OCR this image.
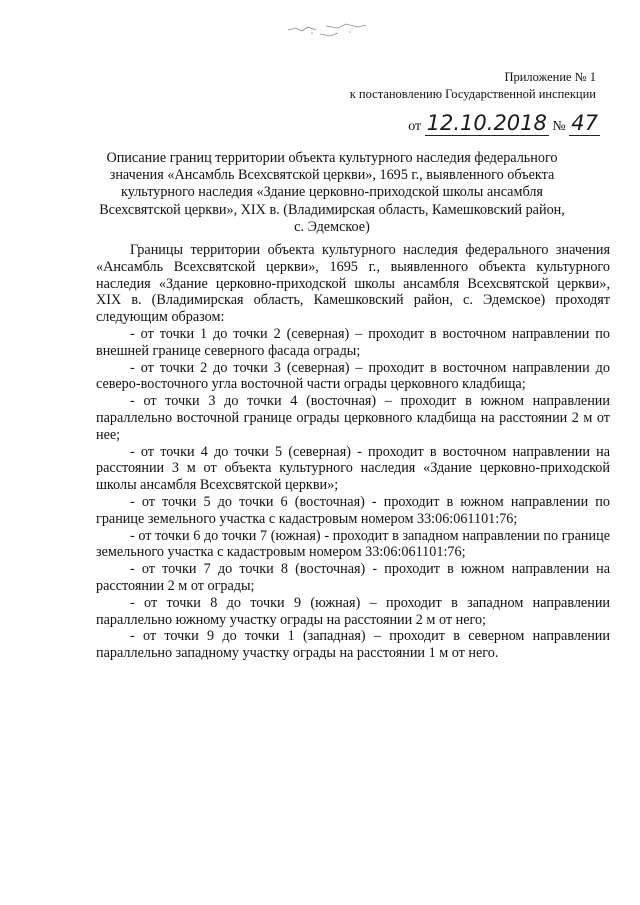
Приложение № 1
к постановлению Государственной инспекции
от 12.10.2018 № 47
Описание границ территории объекта культурного наследия федерального значения «Ансамбль Всехсвятской церкви», 1695 г., выявленного объекта культурного наследия «Здание церковно-приходской школы ансамбля Всехсвятской церкви», XIX в. (Владимирская область, Камешковский район, с. Эдемское)

Границы территории объекта культурного наследия федерального значения «Ансамбль Всехсвятской церкви», 1695 г., выявленного объекта культурного наследия «Здание церковно-приходской школы ансамбля Всехсвятской церкви», XIX в. (Владимирская область, Камешковский район, с. Эдемское) проходят следующим образом:

- от точки 1 до точки 2 (северная) – проходит в восточном направлении по внешней границе северного фасада ограды;

- от точки 2 до точки 3 (северная) – проходит в восточном направлении до северо-восточного угла восточной части ограды церковного кладбища;

- от точки 3 до точки 4 (восточная) – проходит в южном направлении параллельно восточной границе ограды церковного кладбища на расстоянии 2 м от нее;

- от точки 4 до точки 5 (северная) - проходит в восточном направлении на расстоянии 3 м от объекта культурного наследия «Здание церковно-приходской школы ансамбля Всехсвятской церкви»;

- от точки 5 до точки 6 (восточная) - проходит в южном направлении по границе земельного участка с кадастровым номером 33:06:061101:76;

- от точки 6 до точки 7 (южная) - проходит в западном направлении по границе земельного участка с кадастровым номером 33:06:061101:76;

- от точки 7 до точки 8 (восточная) - проходит в южном направлении на расстоянии 2 м от ограды;

- от точки 8 до точки 9 (южная) – проходит в западном направлении параллельно южному участку ограды на расстоянии 2 м от него;

- от точки 9 до точки 1 (западная) – проходит в северном направлении параллельно западному участку ограды на расстоянии 1 м от него.
